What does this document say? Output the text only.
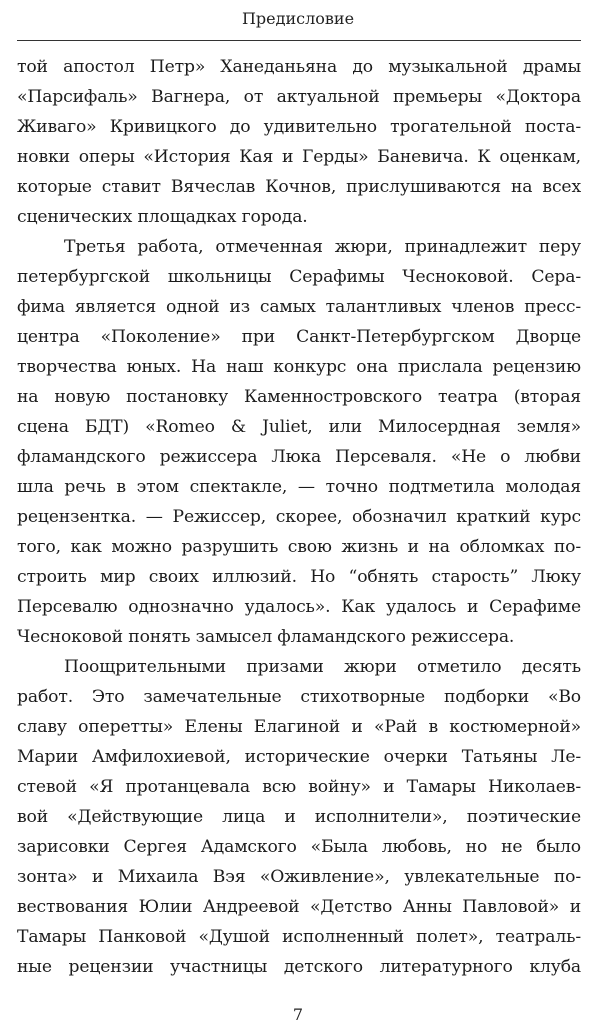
Предисловие
той апостол Петр» Ханеданьяна до музыкальной драмы
«Парсифаль» Вагнера, от актуальной премьеры «Доктора
Живаго» Кривицкого до удивительно трогательной поста-
новки оперы «История Кая и Герды» Баневича. К оценкам,
которые ставит Вячеслав Кочнов, прислушиваются на всех
сценических площадках города.
Третья работа, отмеченная жюри, принадлежит перу
петербургской школьницы Серафимы Чесноковой. Сера-
фима является одной из самых талантливых членов пресс-
центра «Поколение» при Санкт-Петербургском Дворце
творчества юных. На наш конкурс она прислала рецензию
на новую постановку Каменностровского театра (вторая
сцена БДТ) «Romeo & Juliet, или Милосердная земля»
фламандского режиссера Люка Персеваля. «Не о любви
шла речь в этом спектакле, — точно подтметила молодая
рецензентка. — Режиссер, скорее, обозначил краткий курс
того, как можно разрушить свою жизнь и на обломках по-
строить мир своих иллюзий. Но “обнять старость” Люку
Персевалю однозначно удалось». Как удалось и Серафиме
Чесноковой понять замысел фламандского режиссера.
Поощрительными призами жюри отметило десять
работ. Это замечательные стихотворные подборки «Во
славу оперетты» Елены Елагиной и «Рай в костюмерной»
Марии Амфилохиевой, исторические очерки Татьяны Ле-
стевой «Я протанцевала всю войну» и Тамары Николаев-
вой «Действующие лица и исполнители», поэтические
зарисовки Сергея Адамского «Была любовь, но не было
зонта» и Михаила Вэя «Оживление», увлекательные по-
вествования Юлии Андреевой «Детство Анны Павловой» и
Тамары Панковой «Душой исполненный полет», театраль-
ные рецензии участницы детского литературного клуба
7
